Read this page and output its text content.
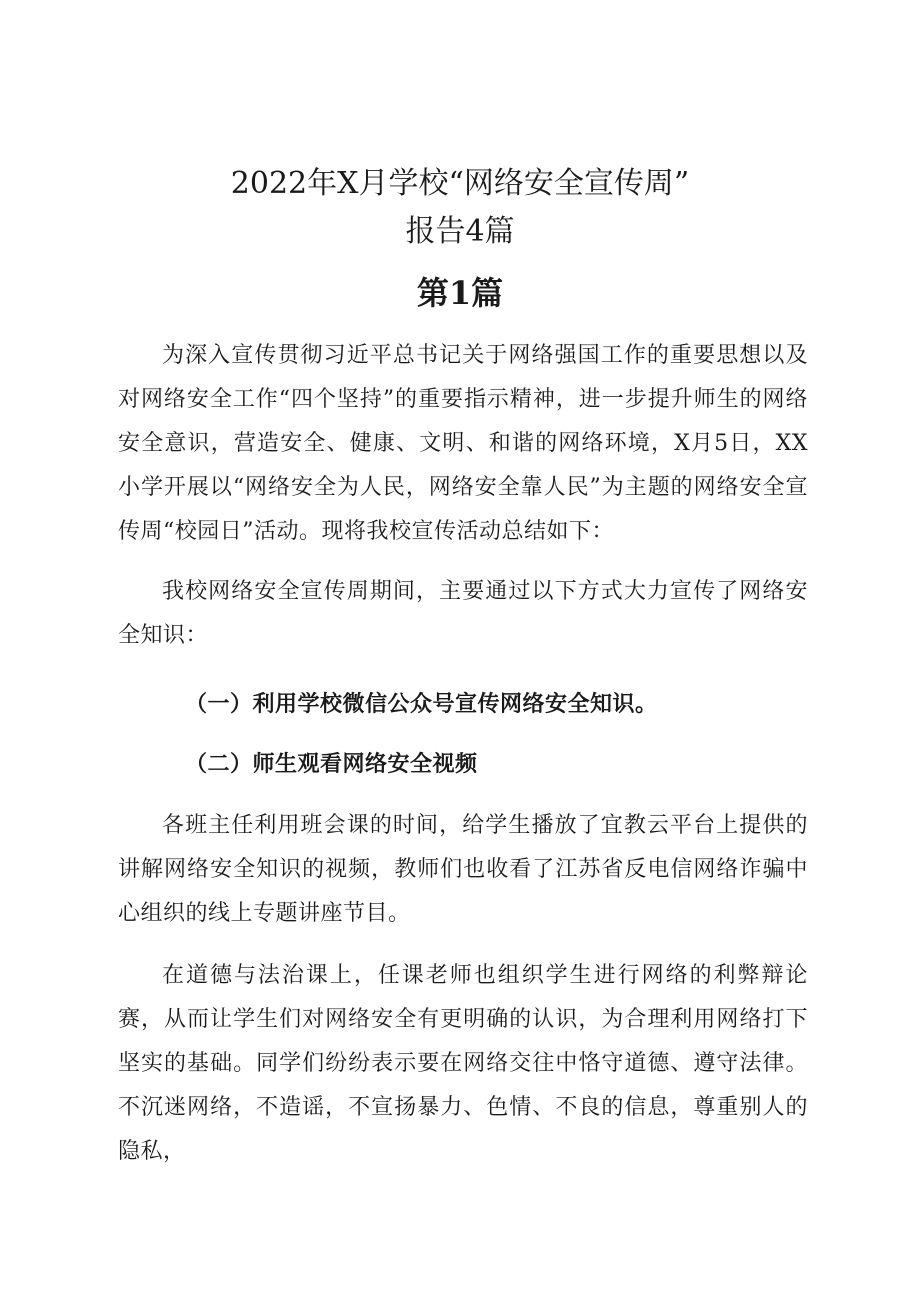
2022年X月学校“网络安全宣传周”
报告4篇
第1篇

为深入宣传贯彻习近平总书记关于网络强国工作的重要思想以及对网络安全工作“四个坚持”的重要指示精神，进一步提升师生的网络安全意识，营造安全、健康、文明、和谐的网络环境，X月5日，XX小学开展以“网络安全为人民，网络安全靠人民”为主题的网络安全宣传周“校园日”活动。现将我校宣传活动总结如下：

我校网络安全宣传周期间，主要通过以下方式大力宣传了网络安全知识：

（一）利用学校微信公众号宣传网络安全知识。
（二）师生观看网络安全视频

各班主任利用班会课的时间，给学生播放了宜教云平台上提供的讲解网络安全知识的视频，教师们也收看了江苏省反电信网络诈骗中心组织的线上专题讲座节目。

在道德与法治课上，任课老师也组织学生进行网络的利弊辩论赛，从而让学生们对网络安全有更明确的认识，为合理利用网络打下坚实的基础。同学们纷纷表示要在网络交往中恪守道德、遵守法律。不沉迷网络，不造谣，不宣扬暴力、色情、不良的信息，尊重别人的隐私，
